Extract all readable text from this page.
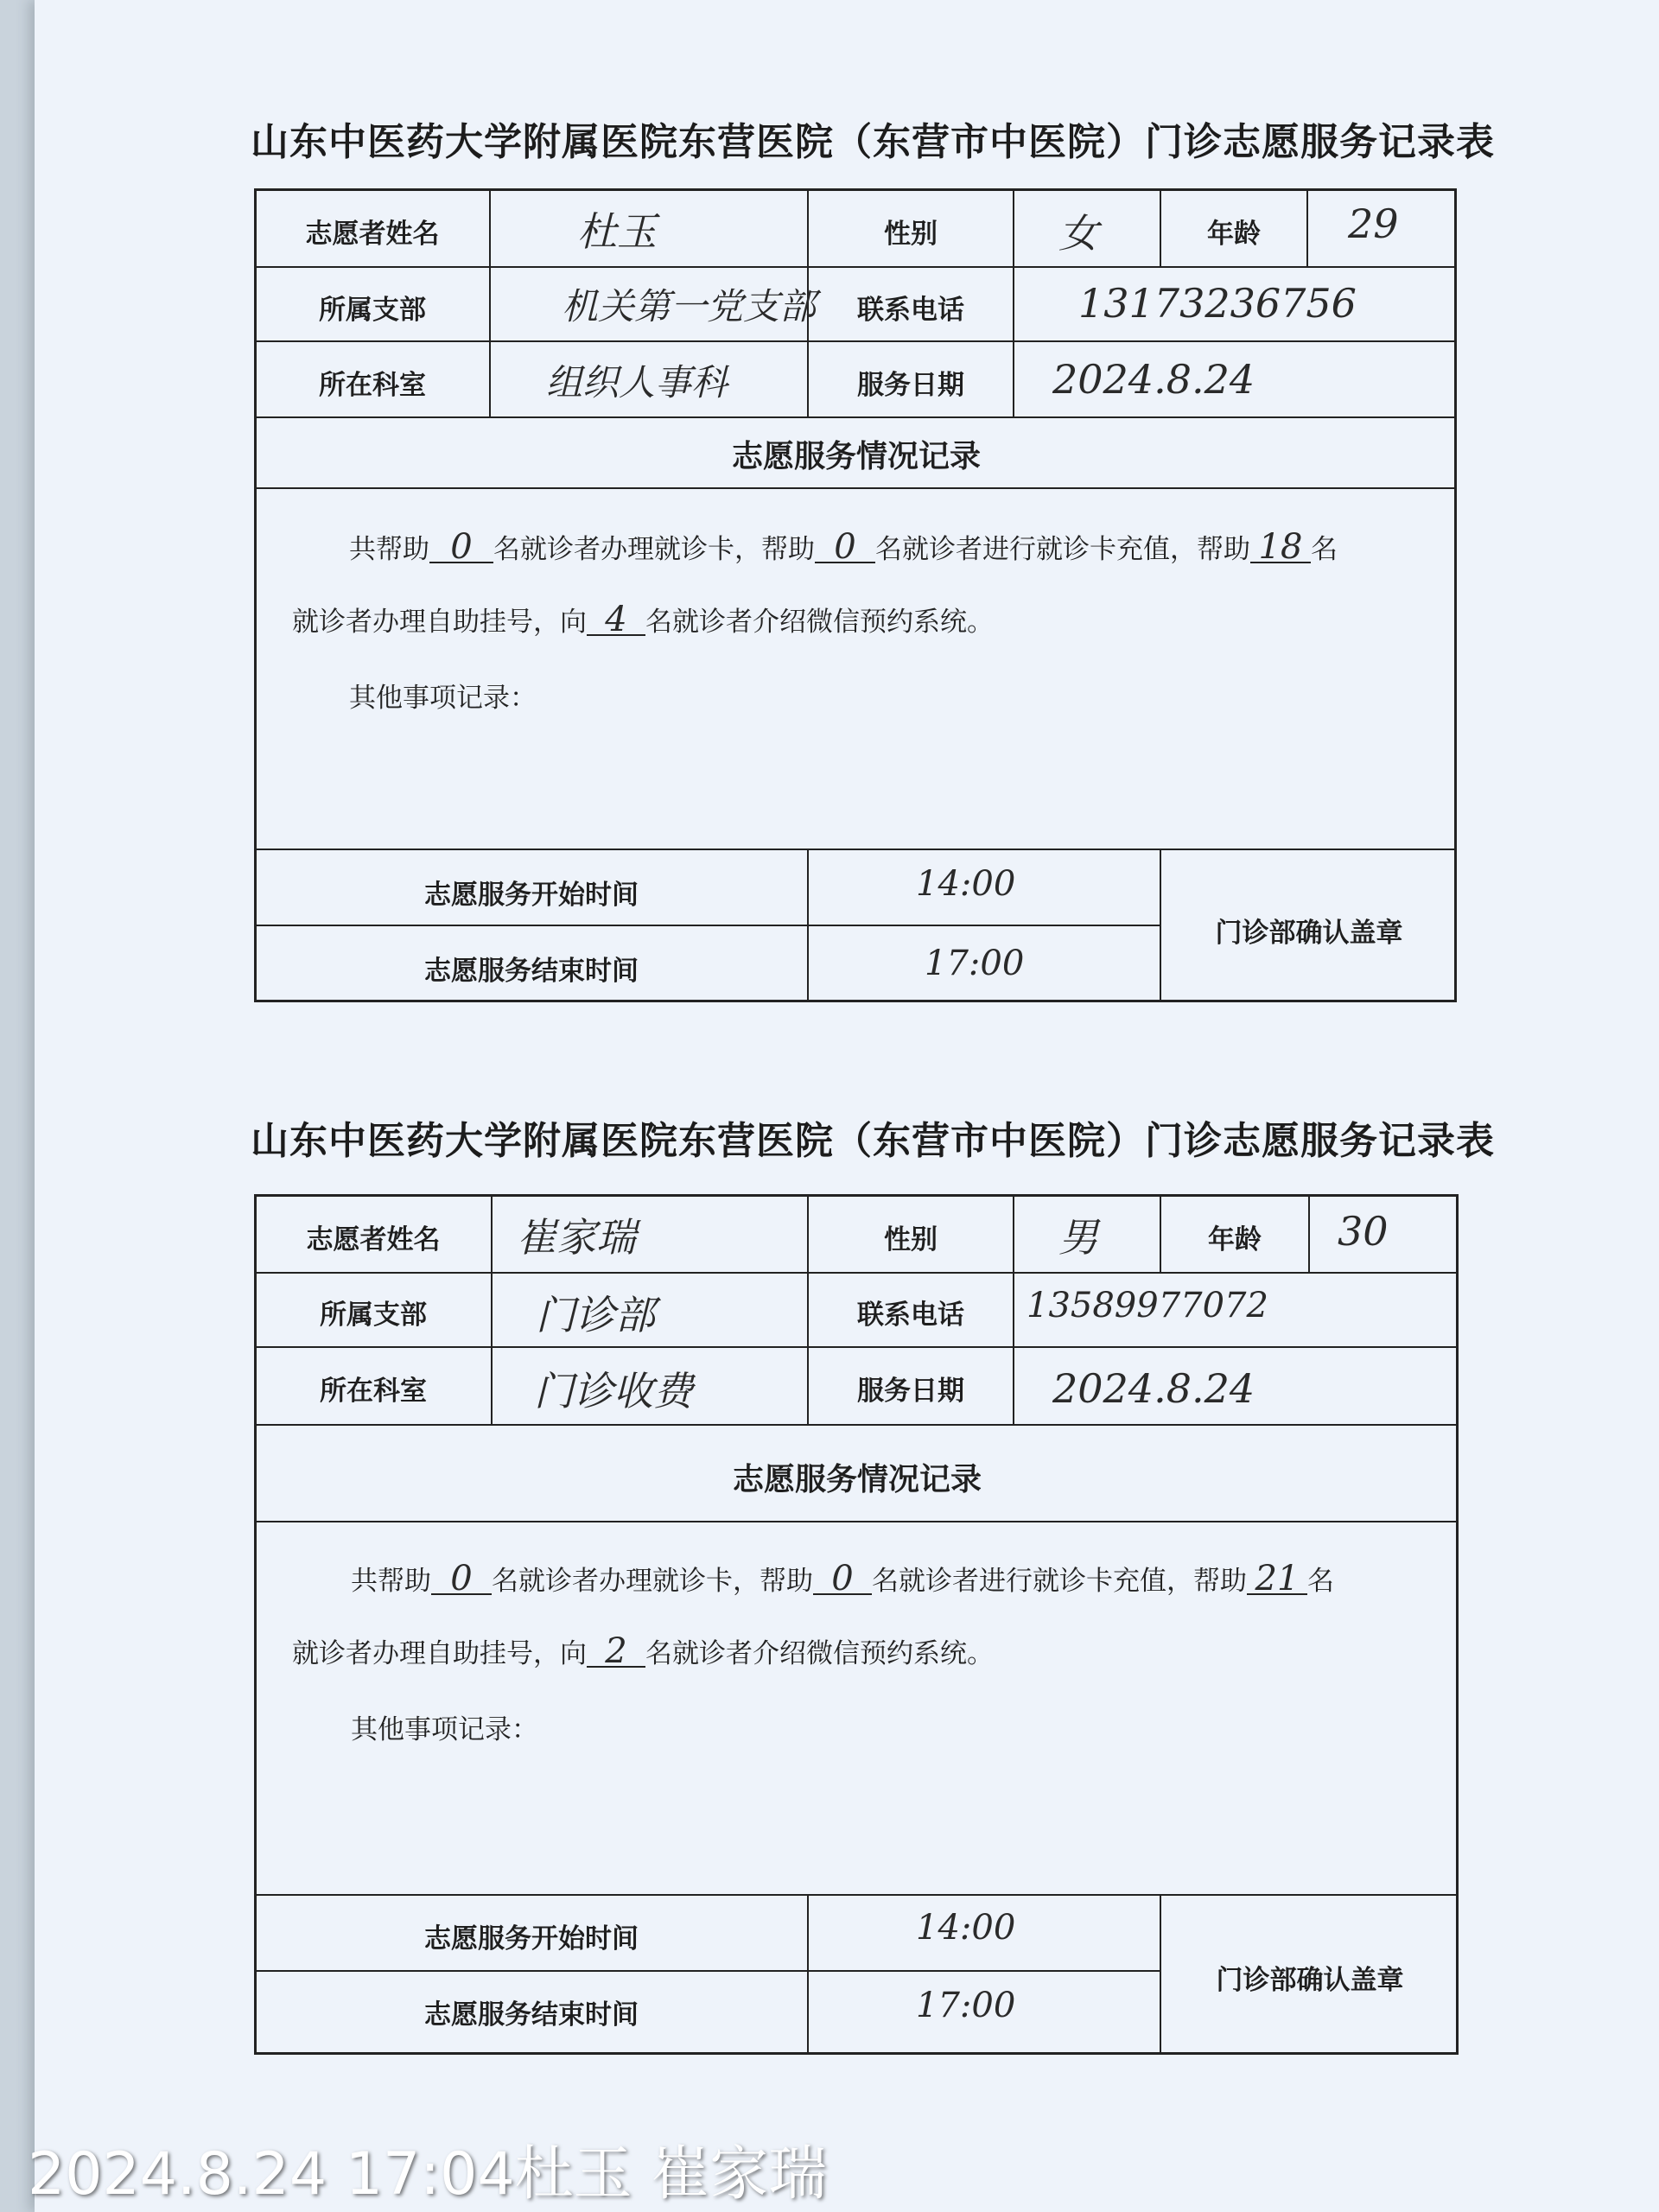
山东中医药大学附属医院东营医院（东营市中医院）门诊志愿服务记录表
志愿者姓名	杜玉	性别	女	年龄	29
所属支部	机关第一党支部	联系电话	13173236756
所在科室	组织人事科	服务日期	2024.8.24
志愿服务情况记录
共帮助 0 名就诊者办理就诊卡，帮助 0 名就诊者进行就诊卡充值，帮助 18 名
就诊者办理自助挂号，向 4 名就诊者介绍微信预约系统。
其他事项记录：
志愿服务开始时间	14:00
志愿服务结束时间	17:00
门诊部确认盖章
山东中医药大学附属医院东营医院（东营市中医院）门诊志愿服务记录表
志愿者姓名	崔家瑞	性别	男	年龄	30
所属支部	门诊部	联系电话	13589977072
所在科室	门诊收费	服务日期	2024.8.24
志愿服务情况记录
共帮助 0 名就诊者办理就诊卡，帮助 0 名就诊者进行就诊卡充值，帮助 21 名
就诊者办理自助挂号，向 2 名就诊者介绍微信预约系统。
其他事项记录：
志愿服务开始时间	14:00
志愿服务结束时间	17:00
门诊部确认盖章
2024.8.24 17:04杜玉 崔家瑞
